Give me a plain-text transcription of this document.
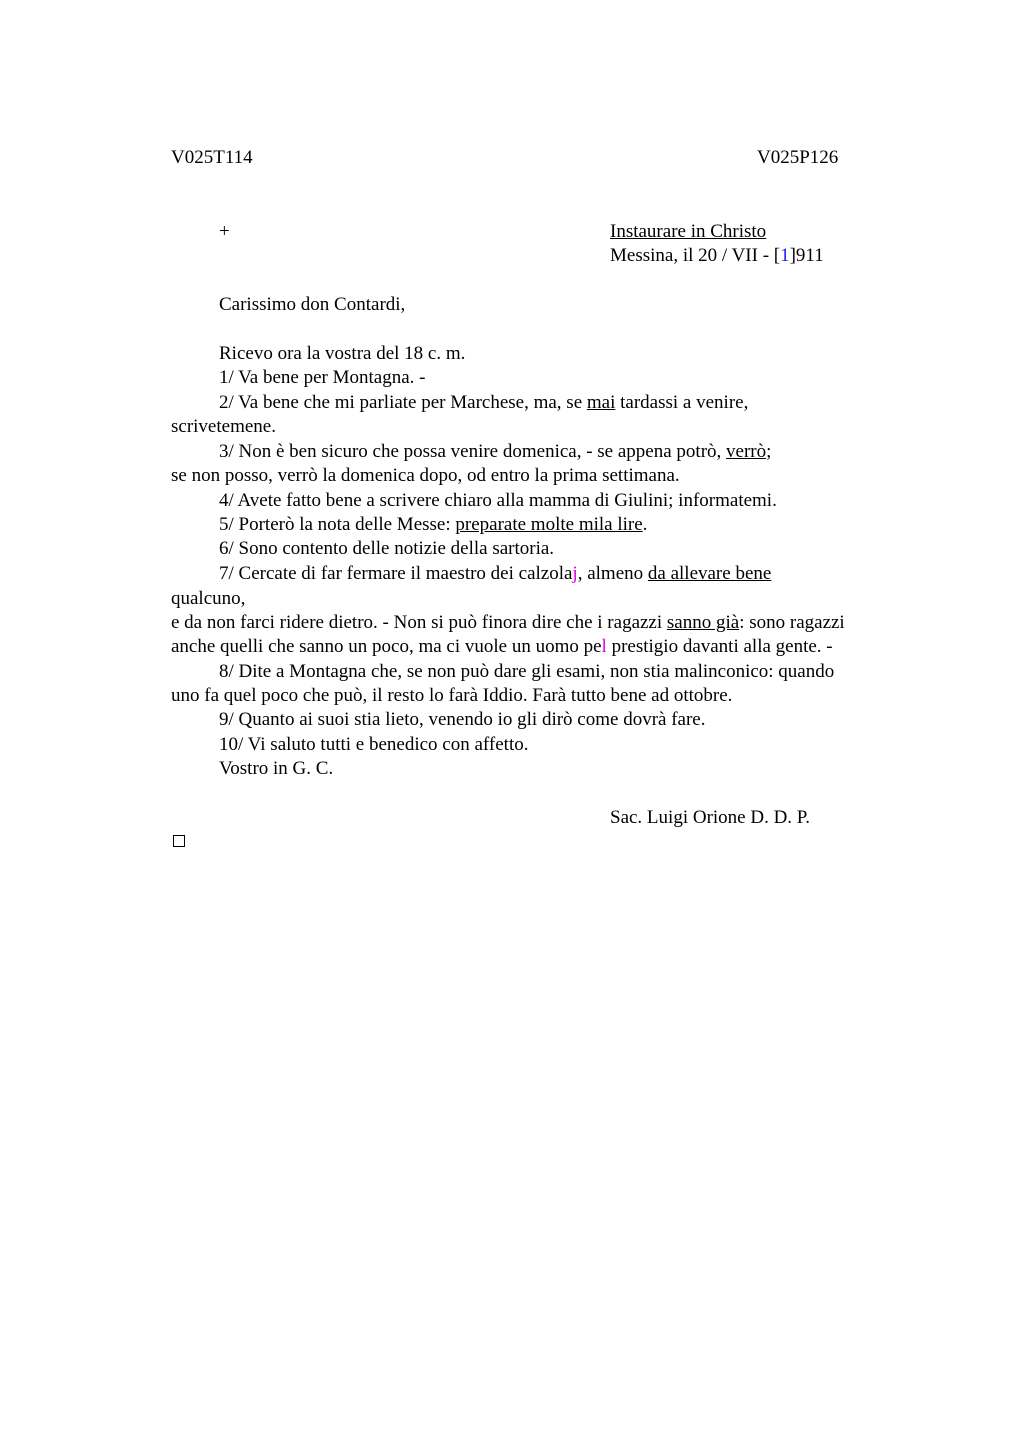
V025T114	V025P126
+	Instaurare in Christo
Messina, il 20 / VII - [1]911
Carissimo don Contardi,
Ricevo ora la vostra del 18 c. m.
1/ Va bene per Montagna. -
2/ Va bene che mi parliate per Marchese, ma, se mai tardassi a venire,
scrivetemene.
3/ Non è ben sicuro che possa venire domenica, - se appena potrò, verrò;
se non posso, verrò la domenica dopo, od entro la prima settimana.
4/ Avete fatto bene a scrivere chiaro alla mamma di Giulini; informatemi.
5/ Porterò la nota delle Messe: preparate molte mila lire.
6/ Sono contento delle notizie della sartoria.
7/ Cercate di far fermare il maestro dei calzolaj, almeno da allevare bene
qualcuno,
e da non farci ridere dietro. - Non si può finora dire che i ragazzi sanno già: sono ragazzi
anche quelli che sanno un poco, ma ci vuole un uomo pel prestigio davanti alla gente. -
8/ Dite a Montagna che, se non può dare gli esami, non stia malinconico: quando
uno fa quel poco che può, il resto lo farà Iddio. Farà tutto bene ad ottobre.
9/ Quanto ai suoi stia lieto, venendo io gli dirò come dovrà fare.
10/ Vi saluto tutti e benedico con affetto.
Vostro in G. C.
Sac. Luigi Orione D. D. P.
